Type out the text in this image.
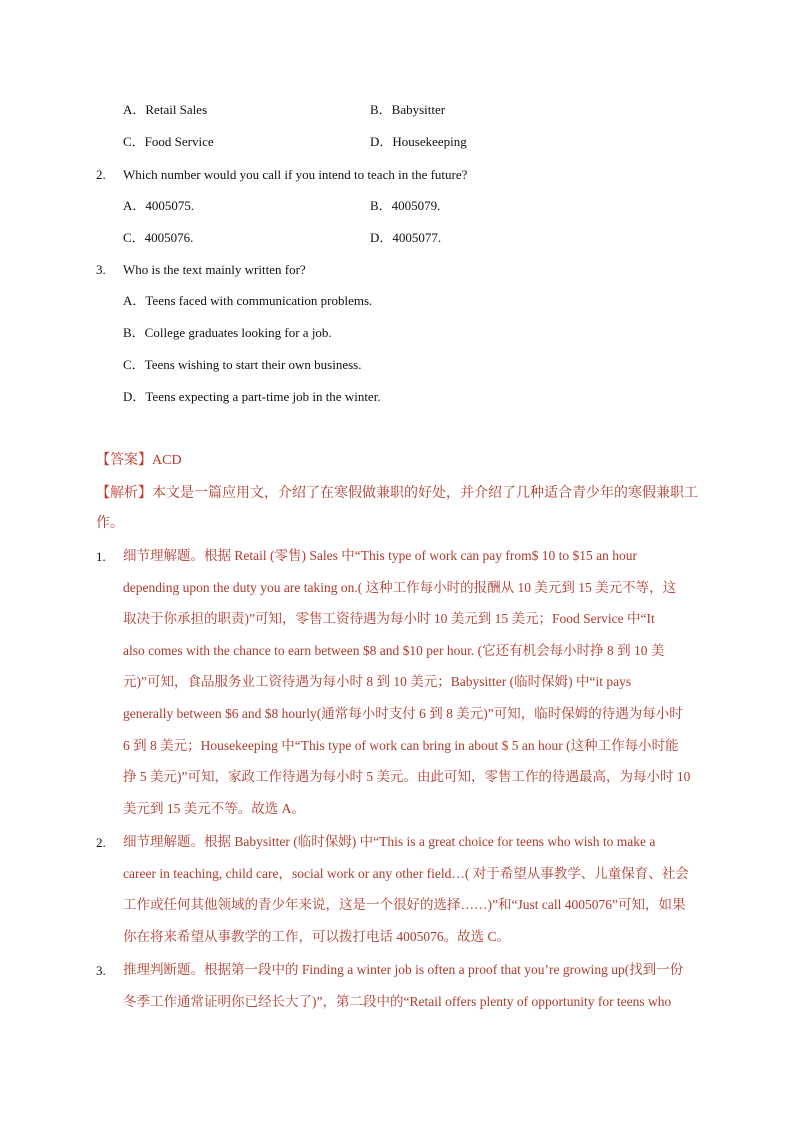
A．Retail Sales	B．Babysitter
C．Food Service	D．Housekeeping
2. Which number would you call if you intend to teach in the future?
A．4005075.	B．4005079.
C．4005076.	D．4005077.
3. Who is the text mainly written for?
A．Teens faced with communication problems.
B．College graduates looking for a job.
C．Teens wishing to start their own business.
D．Teens expecting a part-time job in the winter.
【答案】ACD
【解析】本文是一篇应用文，介绍了在寒假做兼职的好处，并介绍了几种适合青少年的寒假兼职工
作。
1. 细节理解题。根据 Retail (零售) Sales 中“This type of work can pay from$ 10 to $15 an hour
depending upon the duty you are taking on.( 这种工作每小时的报酬从 10 美元到 15 美元不等，这
取决于你承担的职责)”可知，零售工资待遇为每小时 10 美元到 15 美元；Food Service 中“It
also comes with the chance to earn between $8 and $10 per hour. (它还有机会每小时挣 8 到 10 美
元)”可知，食品服务业工资待遇为每小时 8 到 10 美元；Babysitter (临时保姆) 中“it pays
generally between $6 and $8 hourly(通常每小时支付 6 到 8 美元)”可知，临时保姆的待遇为每小时
6 到 8 美元；Housekeeping 中“This type of work can bring in about $ 5 an hour (这种工作每小时能
挣 5 美元)”可知，家政工作待遇为每小时 5 美元。由此可知，零售工作的待遇最高，为每小时 10
美元到 15 美元不等。故选 A。
2. 细节理解题。根据 Babysitter (临时保姆) 中“This is a great choice for teens who wish to make a
career in teaching, child care，social work or any other field…( 对于希望从事教学、儿童保育、社会
工作或任何其他领域的青少年来说，这是一个很好的选择……)”和“Just call 4005076”可知，如果
你在将来希望从事教学的工作，可以拨打电话 4005076。故选 C。
3. 推理判断题。根据第一段中的 Finding a winter job is often a proof that you’re growing up(找到一份
冬季工作通常证明你已经长大了)”，第二段中的“Retail offers plenty of opportunity for teens who
